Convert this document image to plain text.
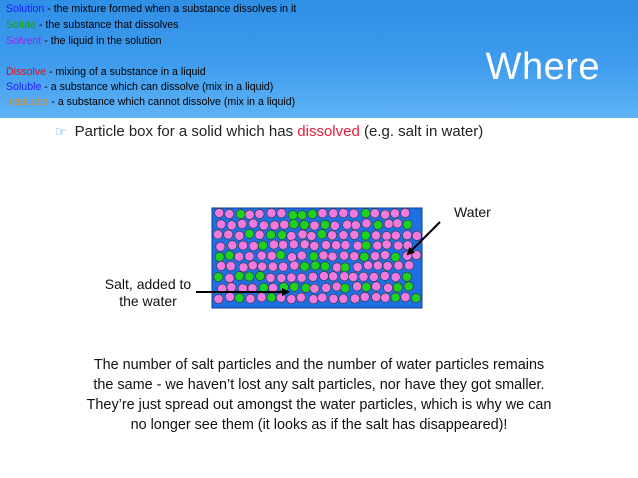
Solution - the mixture formed when a substance dissolves in it
Solute - the substance that dissolves
Solvent - the liquid in the solution
Dissolve - mixing of a substance in a liquid
Soluble - a substance which can dissolve (mix in a liquid)
Insoluble - a substance which cannot dissolve (mix in a liquid)
Where
☞ Particle box for a solid which has dissolved (e.g. salt in water)
Water
Salt, added to
the water

The number of salt particles and the number of water particles remains

the same - we haven’t lost any salt particles, nor have they got smaller.

They’re just spread out amongst the water particles, which is why we can

no longer see them (it looks as if the salt has disappeared)!
